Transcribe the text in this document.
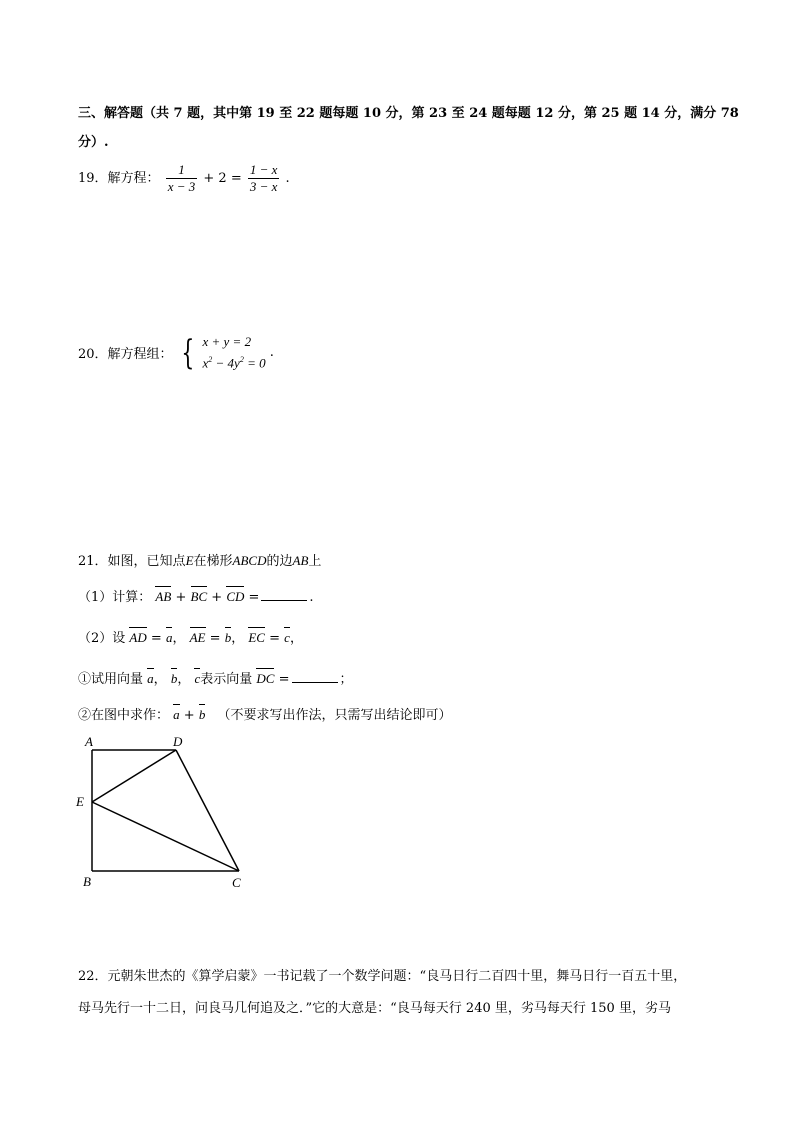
三、解答题（共 7 题，其中第 19 至 22 题每题 10 分，第 23 至 24 题每题 12 分，第 25 题 14 分，满分 78
分）.
19．解方程： $\frac{1}{x - 3} + 2 = \frac{1 - x}{3 - x}$ .
20．解方程组： { x + y = 2
$x^2 - 4y^2 = 0$
.
21．如图，已知点E在梯形ABCD的边AB上
（1）计算： AB + BC + CD =	.
（2）设 AD = a， AE = b， EC = c，
①试用向量 a， b， c表示向量 DC =	；
②在图中求作： a + b （不要求写出作法，只需写出结论即可）
A	D
E
B	C
22．元朝朱世杰的《算学启蒙》一书记载了一个数学问题：“良马日行二百四十里，舞马日行一百五十里，
母马先行一十二日，问良马几何追及之．”它的大意是：“良马每天行 240 里，劣马每天行 150 里，劣马
